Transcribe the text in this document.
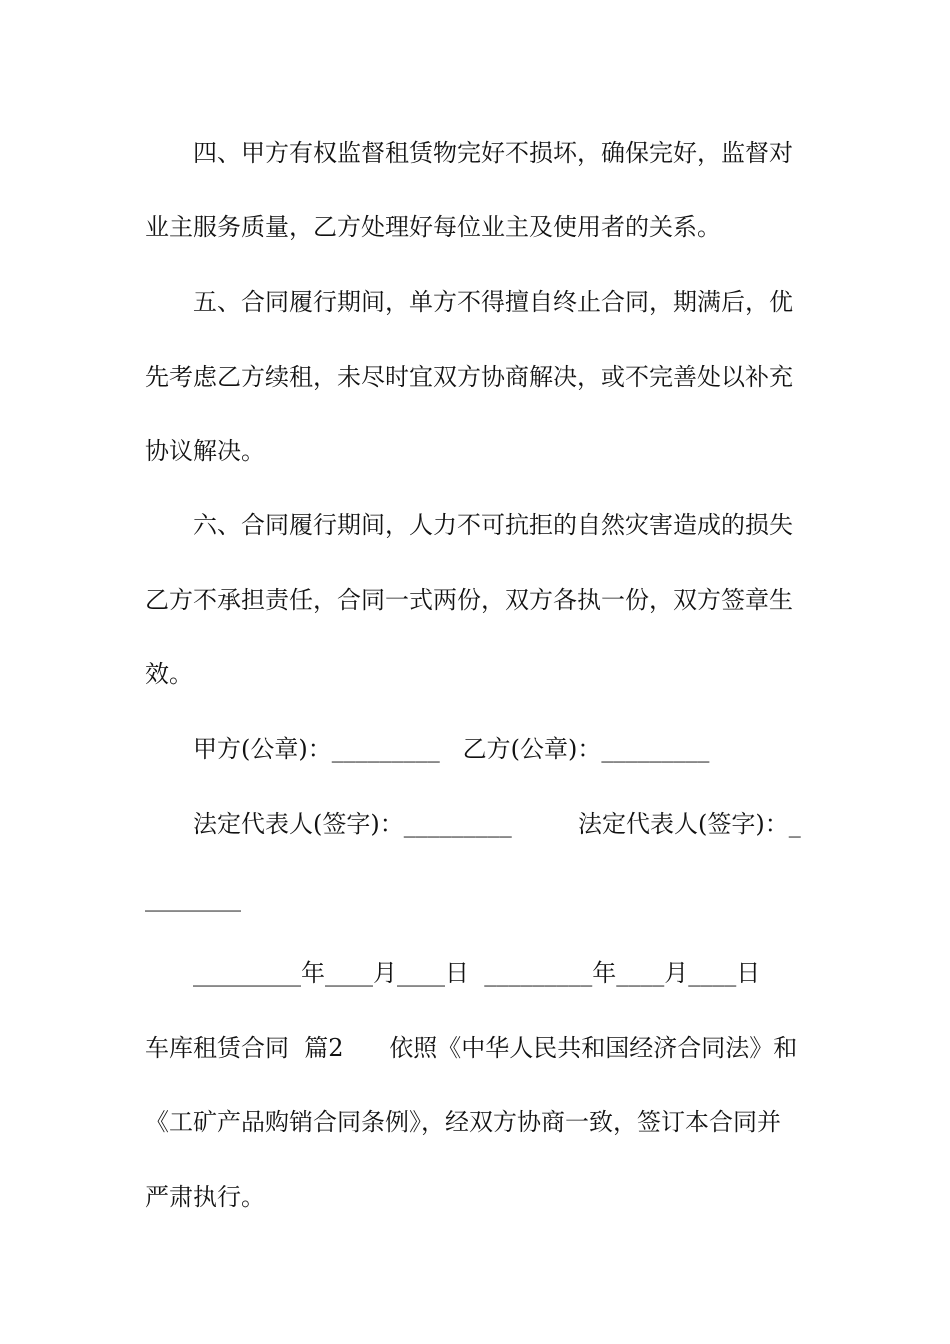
四、甲方有权监督租赁物完好不损坏，确保完好，监督对
业主服务质量，乙方处理好每位业主及使用者的关系。
五、合同履行期间，单方不得擅自终止合同，期满后，优
先考虑乙方续租，未尽时宜双方协商解决，或不完善处以补充
协议解决。
六、合同履行期间，人力不可抗拒的自然灾害造成的损失
乙方不承担责任，合同一式两份，双方各执一份，双方签章生
效。
甲方(公章)：_________   乙方(公章)：_________
法定代表人(签字)：_________	法定代表人(签字)：_
________
_________年____月____日  _________年____月____日
车库租赁合同  篇2      依照《中华人民共和国经济合同法》和
《工矿产品购销合同条例》，经双方协商一致，签订本合同并
严肃执行。
